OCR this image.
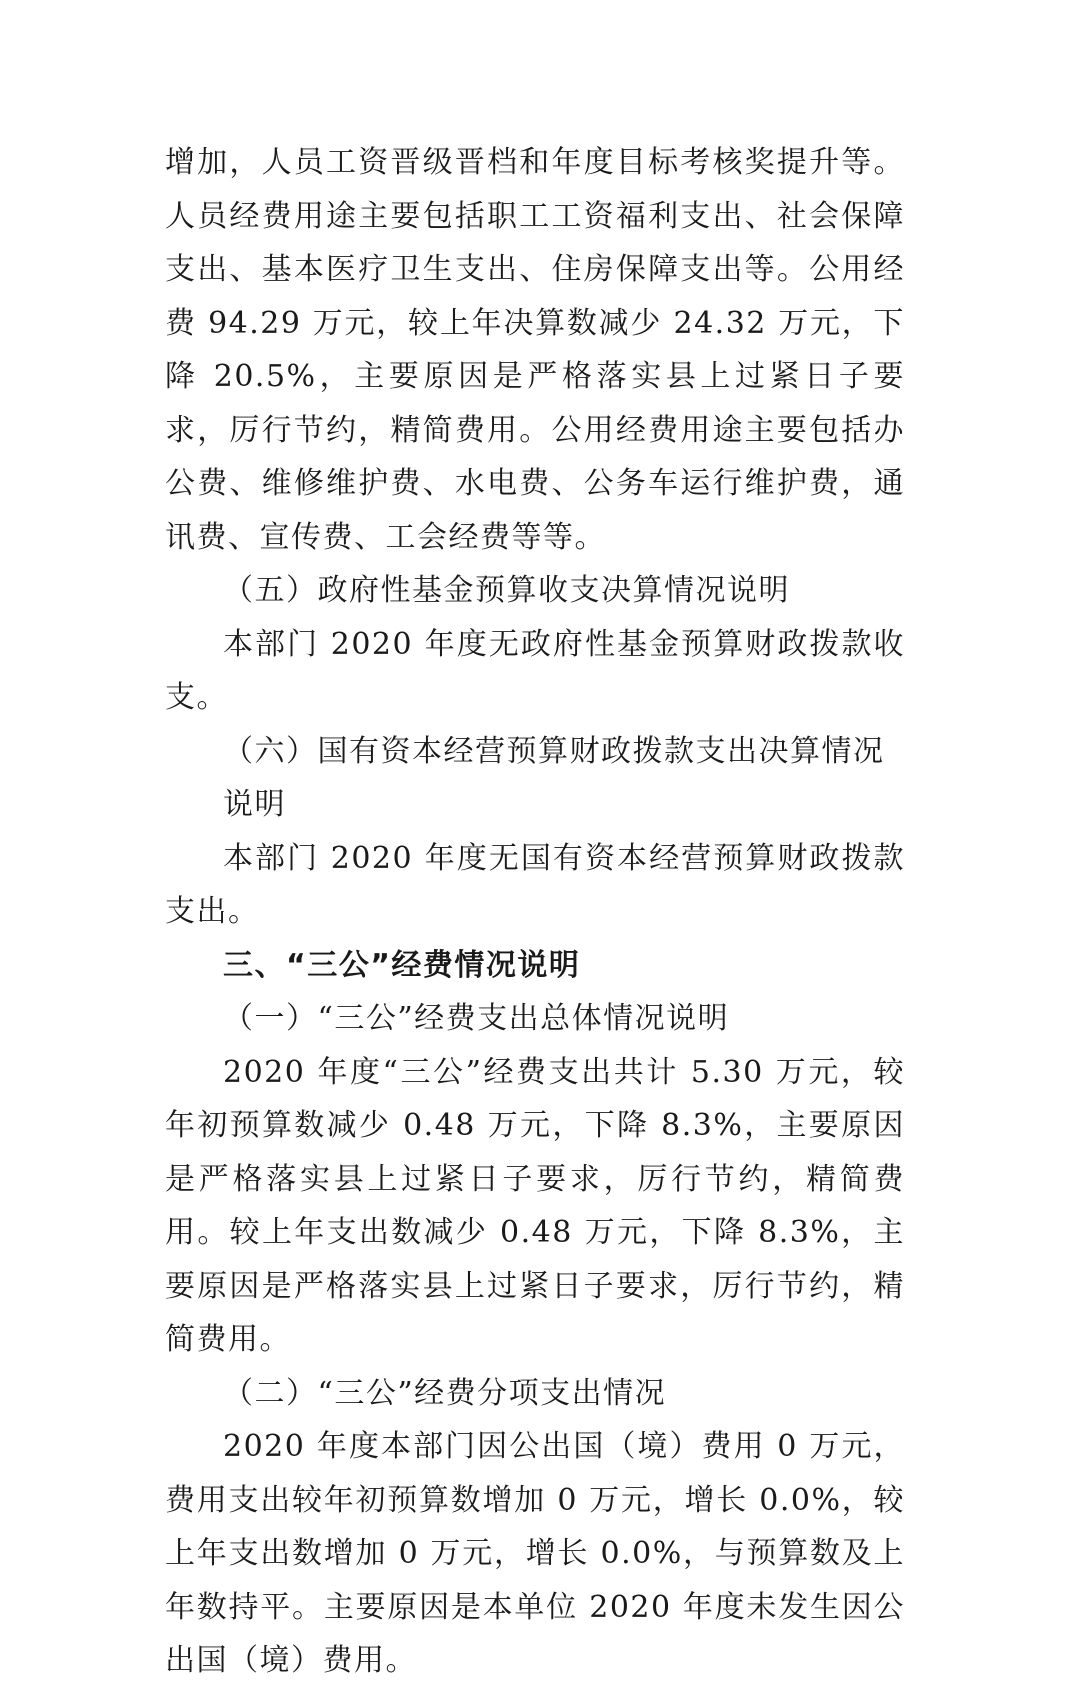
增加，人员工资晋级晋档和年度目标考核奖提升等。人员经费用途主要包括职工工资福利支出、社会保障支出、基本医疗卫生支出、住房保障支出等。公用经费 94.29 万元，较上年决算数减少 24.32 万元，下降 20.5%，主要原因是严格落实县上过紧日子要求，厉行节约，精简费用。公用经费用途主要包括办公费、维修维护费、水电费、公务车运行维护费，通讯费、宣传费、工会经费等等。

（五）政府性基金预算收支决算情况说明

本部门 2020 年度无政府性基金预算财政拨款收支。

（六）国有资本经营预算财政拨款支出决算情况说明

本部门 2020 年度无国有资本经营预算财政拨款支出。

三、“三公”经费情况说明

（一）“三公”经费支出总体情况说明

2020 年度“三公”经费支出共计 5.30 万元，较年初预算数减少 0.48 万元，下降 8.3%，主要原因是严格落实县上过紧日子要求，厉行节约，精简费用。较上年支出数减少 0.48 万元，下降 8.3%，主要原因是严格落实县上过紧日子要求，厉行节约，精简费用。

（二）“三公”经费分项支出情况

2020 年度本部门因公出国（境）费用 0 万元，费用支出较年初预算数增加 0 万元，增长 0.0%，较上年支出数增加 0 万元，增长 0.0%，与预算数及上年数持平。主要原因是本单位 2020 年度未发生因公出国（境）费用。
